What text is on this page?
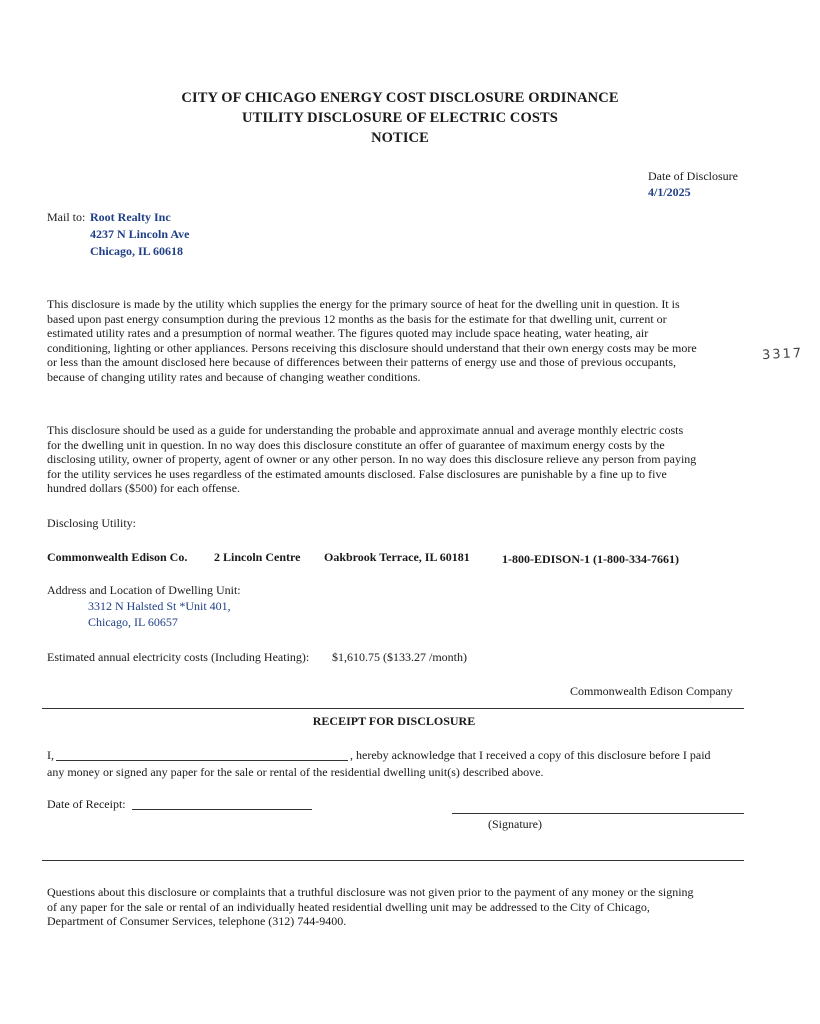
CITY OF CHICAGO ENERGY COST DISCLOSURE ORDINANCE
UTILITY DISCLOSURE OF ELECTRIC COSTS
NOTICE
Date of Disclosure
4/1/2025
Mail to: Root Realty Inc
4237 N Lincoln Ave
Chicago, IL 60618
This disclosure is made by the utility which supplies the energy for the primary source of heat for the dwelling unit in question. It is
based upon past energy consumption during the previous 12 months as the basis for the estimate for that dwelling unit, current or
estimated utility rates and a presumption of normal weather. The figures quoted may include space heating, water heating, air
conditioning, lighting or other appliances. Persons receiving this disclosure should understand that their own energy costs may be more
or less than the amount disclosed here because of differences between their patterns of energy use and those of previous occupants,
because of changing utility rates and because of changing weather conditions.
3317
This disclosure should be used as a guide for understanding the probable and approximate annual and average monthly electric costs
for the dwelling unit in question. In no way does this disclosure constitute an offer of guarantee of maximum energy costs by the
disclosing utility, owner of property, agent of owner or any other person. In no way does this disclosure relieve any person from paying
for the utility services he uses regardless of the estimated amounts disclosed. False disclosures are punishable by a fine up to five
hundred dollars ($500) for each offense.
Disclosing Utility:
Commonwealth Edison Co. 2 Lincoln Centre Oakbrook Terrace, IL 60181	1-800-EDISON-1 (1-800-334-7661)
Address and Location of Dwelling Unit:
3312 N Halsted St *Unit 401,
Chicago, IL 60657
Estimated annual electricity costs (Including Heating): $1,610.75 ($133.27 /month)
Commonwealth Edison Company
RECEIPT FOR DISCLOSURE
I,	, hereby acknowledge that I received a copy of this disclosure before I paid
any money or signed any paper for the sale or rental of the residential dwelling unit(s) described above.
Date of Receipt:
(Signature)
Questions about this disclosure or complaints that a truthful disclosure was not given prior to the payment of any money or the signing
of any paper for the sale or rental of an individually heated residential dwelling unit may be addressed to the City of Chicago,
Department of Consumer Services, telephone (312) 744-9400.
